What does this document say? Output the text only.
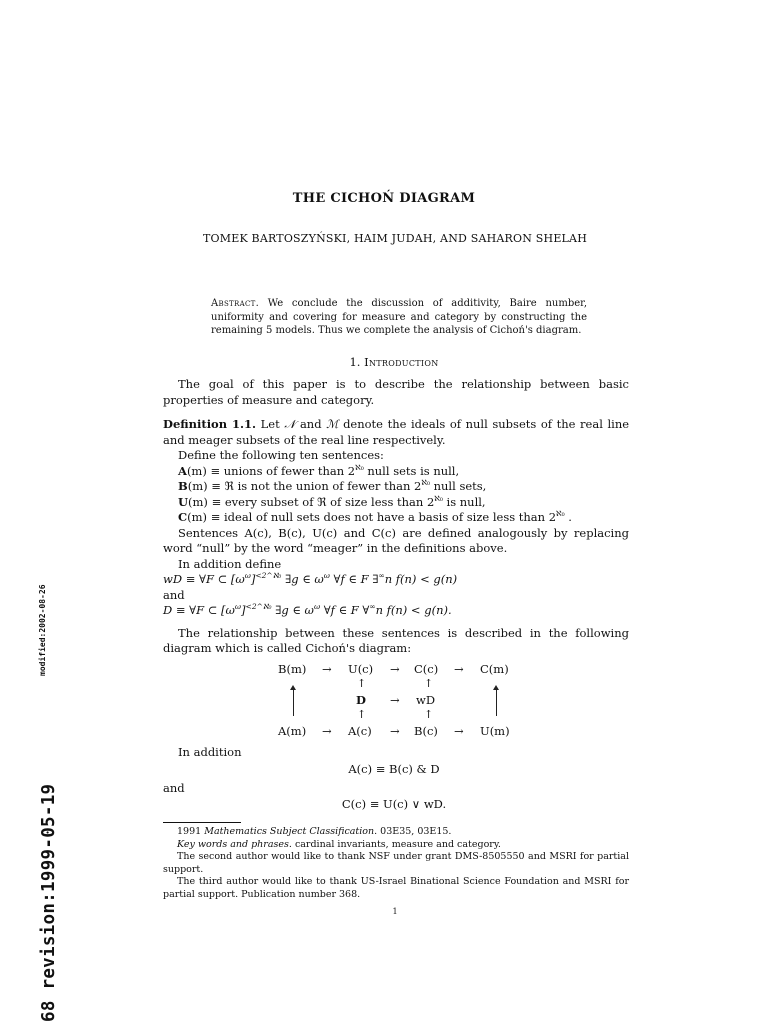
modified:2002-08-26
68 revision:1999-05-19
THE CICHOŃ DIAGRAM
TOMEK BARTOSZYŃSKI, HAIM JUDAH, AND SAHARON SHELAH
Abstract. We conclude the discussion of additivity, Baire number, uniformity and covering for measure and category by constructing the remaining 5 models. Thus we complete the analysis of Cichoń's diagram.
1. Introduction

The goal of this paper is to describe the relationship between basic properties of measure and category.

Definition 1.1. Let 𝒩 and ℳ denote the ideals of null subsets of the real line and meager subsets of the real line respectively.

Define the following ten sentences:

A(m) ≡ unions of fewer than $2^{ℵ_0}$ null sets is null,

B(m) ≡ ℜ is not the union of fewer than $2^{ℵ_0}$ null sets,

U(m) ≡ every subset of ℜ of size less than $2^{ℵ_0}$ is null,

C(m) ≡ ideal of null sets does not have a basis of size less than $2^{ℵ_0}$ .

Sentences A(c), B(c), U(c) and C(c) are defined analogously by replacing word “null” by the word “meager” in the definitions above.

In addition define

wD ≡ ∀F ⊂ $[\omega^\omega]^{<2\^{}ℵ_0}$ ∃g ∈ $\omega^\omega$ ∀f ∈ F ∃∞n f(n) < g(n)

and

D ≡ ∀F ⊂ $[\omega^\omega]^{<2\^{}ℵ_0}$ ∃g ∈ $\omega^\omega$ ∀f ∈ F ∀∞n f(n) < g(n).

The relationship between these sentences is described in the following diagram which is called Cichoń's diagram:

B(m) → U(c) → C(c) → C(m)
↑	↑
D → wD
↑	↑
A(m) → A(c) → B(c) → U(m)

In addition

A(c) ≡ B(c) & D

and

C(c) ≡ U(c) ∨ wD.

1991 Mathematics Subject Classification. 03E35, 03E15.

Key words and phrases. cardinal invariants, measure and category.

The second author would like to thank NSF under grant DMS-8505550 and MSRI for partial support.

The third author would like to thank US-Israel Binational Science Foundation and MSRI for partial support. Publication number 368.

1
